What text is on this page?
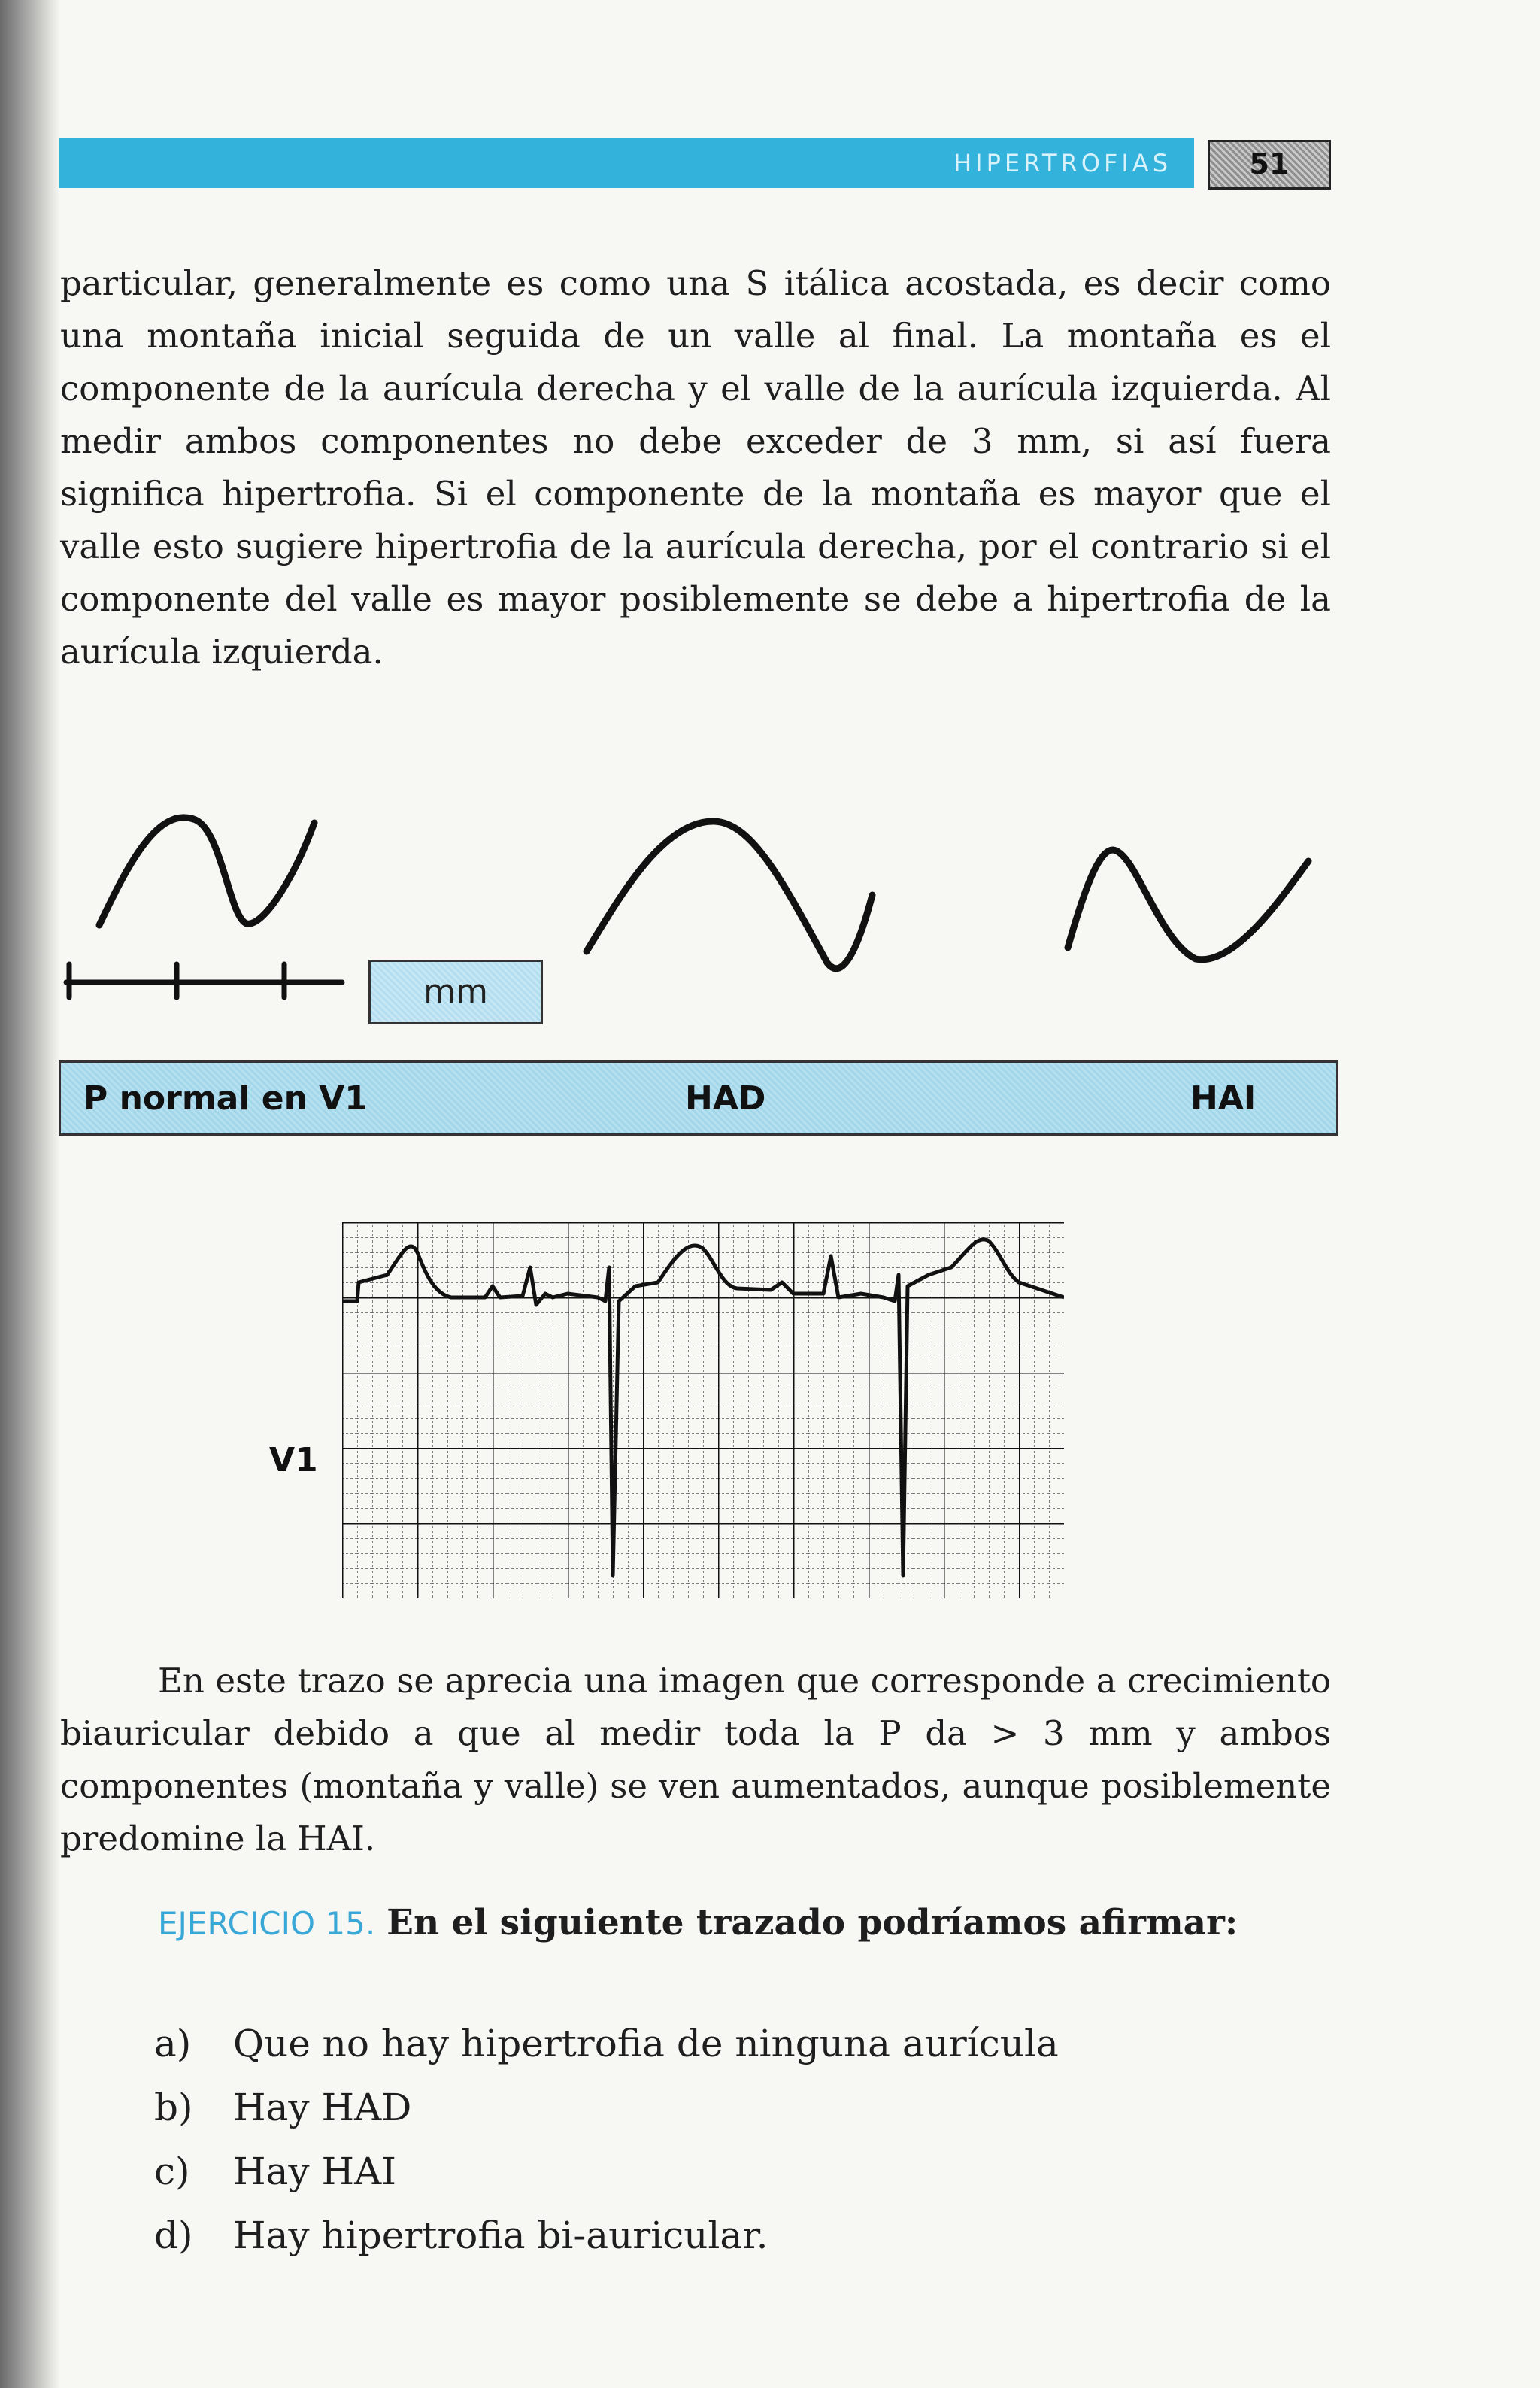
HIPERTROFIAS	51

particular, generalmente es como una S itálica acostada, es decir como una montaña inicial seguida de un valle al final. La montaña es el componente de la aurícula derecha y el valle de la aurícula izquierda. Al medir ambos componentes no debe exceder de 3 mm, si así fuera significa hipertrofia. Si el componente de la montaña es mayor que el valle esto sugiere hipertrofia de la aurícula derecha, por el contrario si el componente del valle es mayor posiblemente se debe a hipertrofia de la aurícula izquierda.

mm
P normal en V1	HAD	HAI
V1

En este trazo se aprecia una imagen que corresponde a crecimiento biauricular debido a que al medir toda la P da > 3 mm y ambos componentes (montaña y valle) se ven aumentados, aunque posiblemente predomine la HAI.

EJERCICIO 15. En el siguiente trazado podríamos afirmar:

a) Que no hay hipertrofia de ninguna aurícula
b) Hay HAD
c) Hay HAI
d) Hay hipertrofia bi-auricular.
